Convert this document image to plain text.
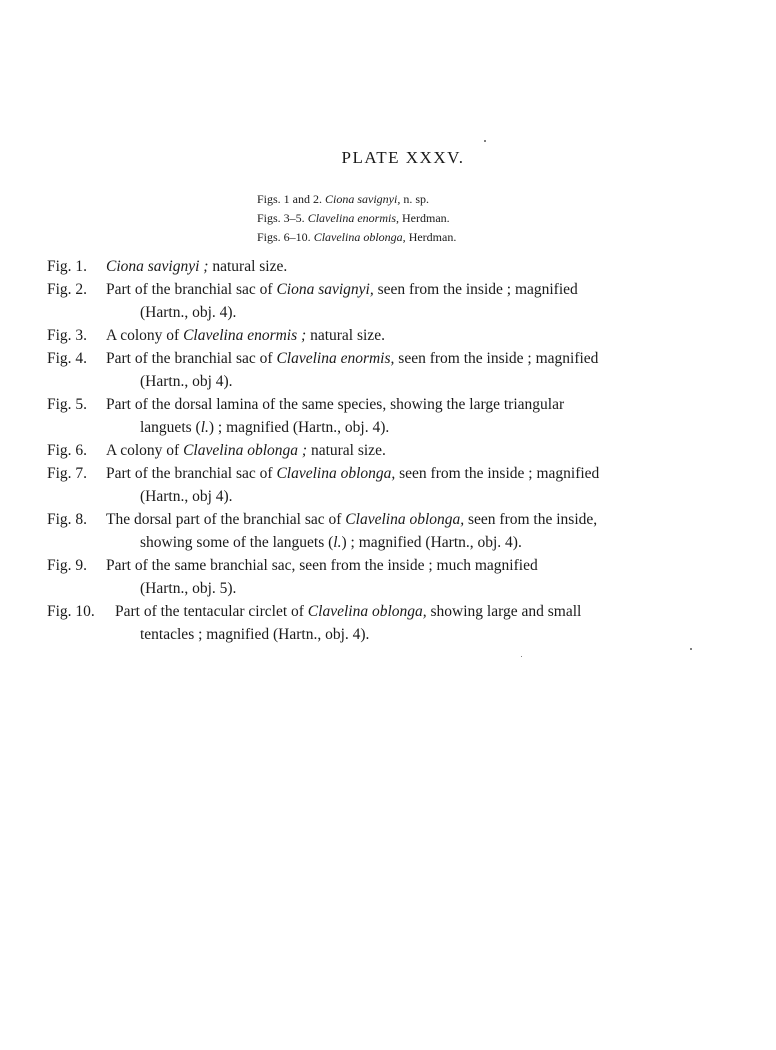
PLATE XXXV.
Figs. 1 and 2. Ciona savignyi, n. sp.
Figs. 3–5. Clavelina enormis, Herdman.
Figs. 6–10. Clavelina oblonga, Herdman.
Fig. 1. Ciona savignyi ; natural size.
Fig. 2. Part of the branchial sac of Ciona savignyi, seen from the inside ; magnified
(Hartn., obj. 4).
Fig. 3. A colony of Clavelina enormis ; natural size.
Fig. 4. Part of the branchial sac of Clavelina enormis, seen from the inside ; magnified
(Hartn., obj 4).
Fig. 5. Part of the dorsal lamina of the same species, showing the large triangular
languets (l.) ; magnified (Hartn., obj. 4).
Fig. 6. A colony of Clavelina oblonga ; natural size.
Fig. 7. Part of the branchial sac of Clavelina oblonga, seen from the inside ; magnified
(Hartn., obj 4).
Fig. 8. The dorsal part of the branchial sac of Clavelina oblonga, seen from the inside,
showing some of the languets (l.) ; magnified (Hartn., obj. 4).
Fig. 9. Part of the same branchial sac, seen from the inside ; much magnified
(Hartn., obj. 5).
Fig. 10. Part of the tentacular circlet of Clavelina oblonga, showing large and small
tentacles ; magnified (Hartn., obj. 4).
